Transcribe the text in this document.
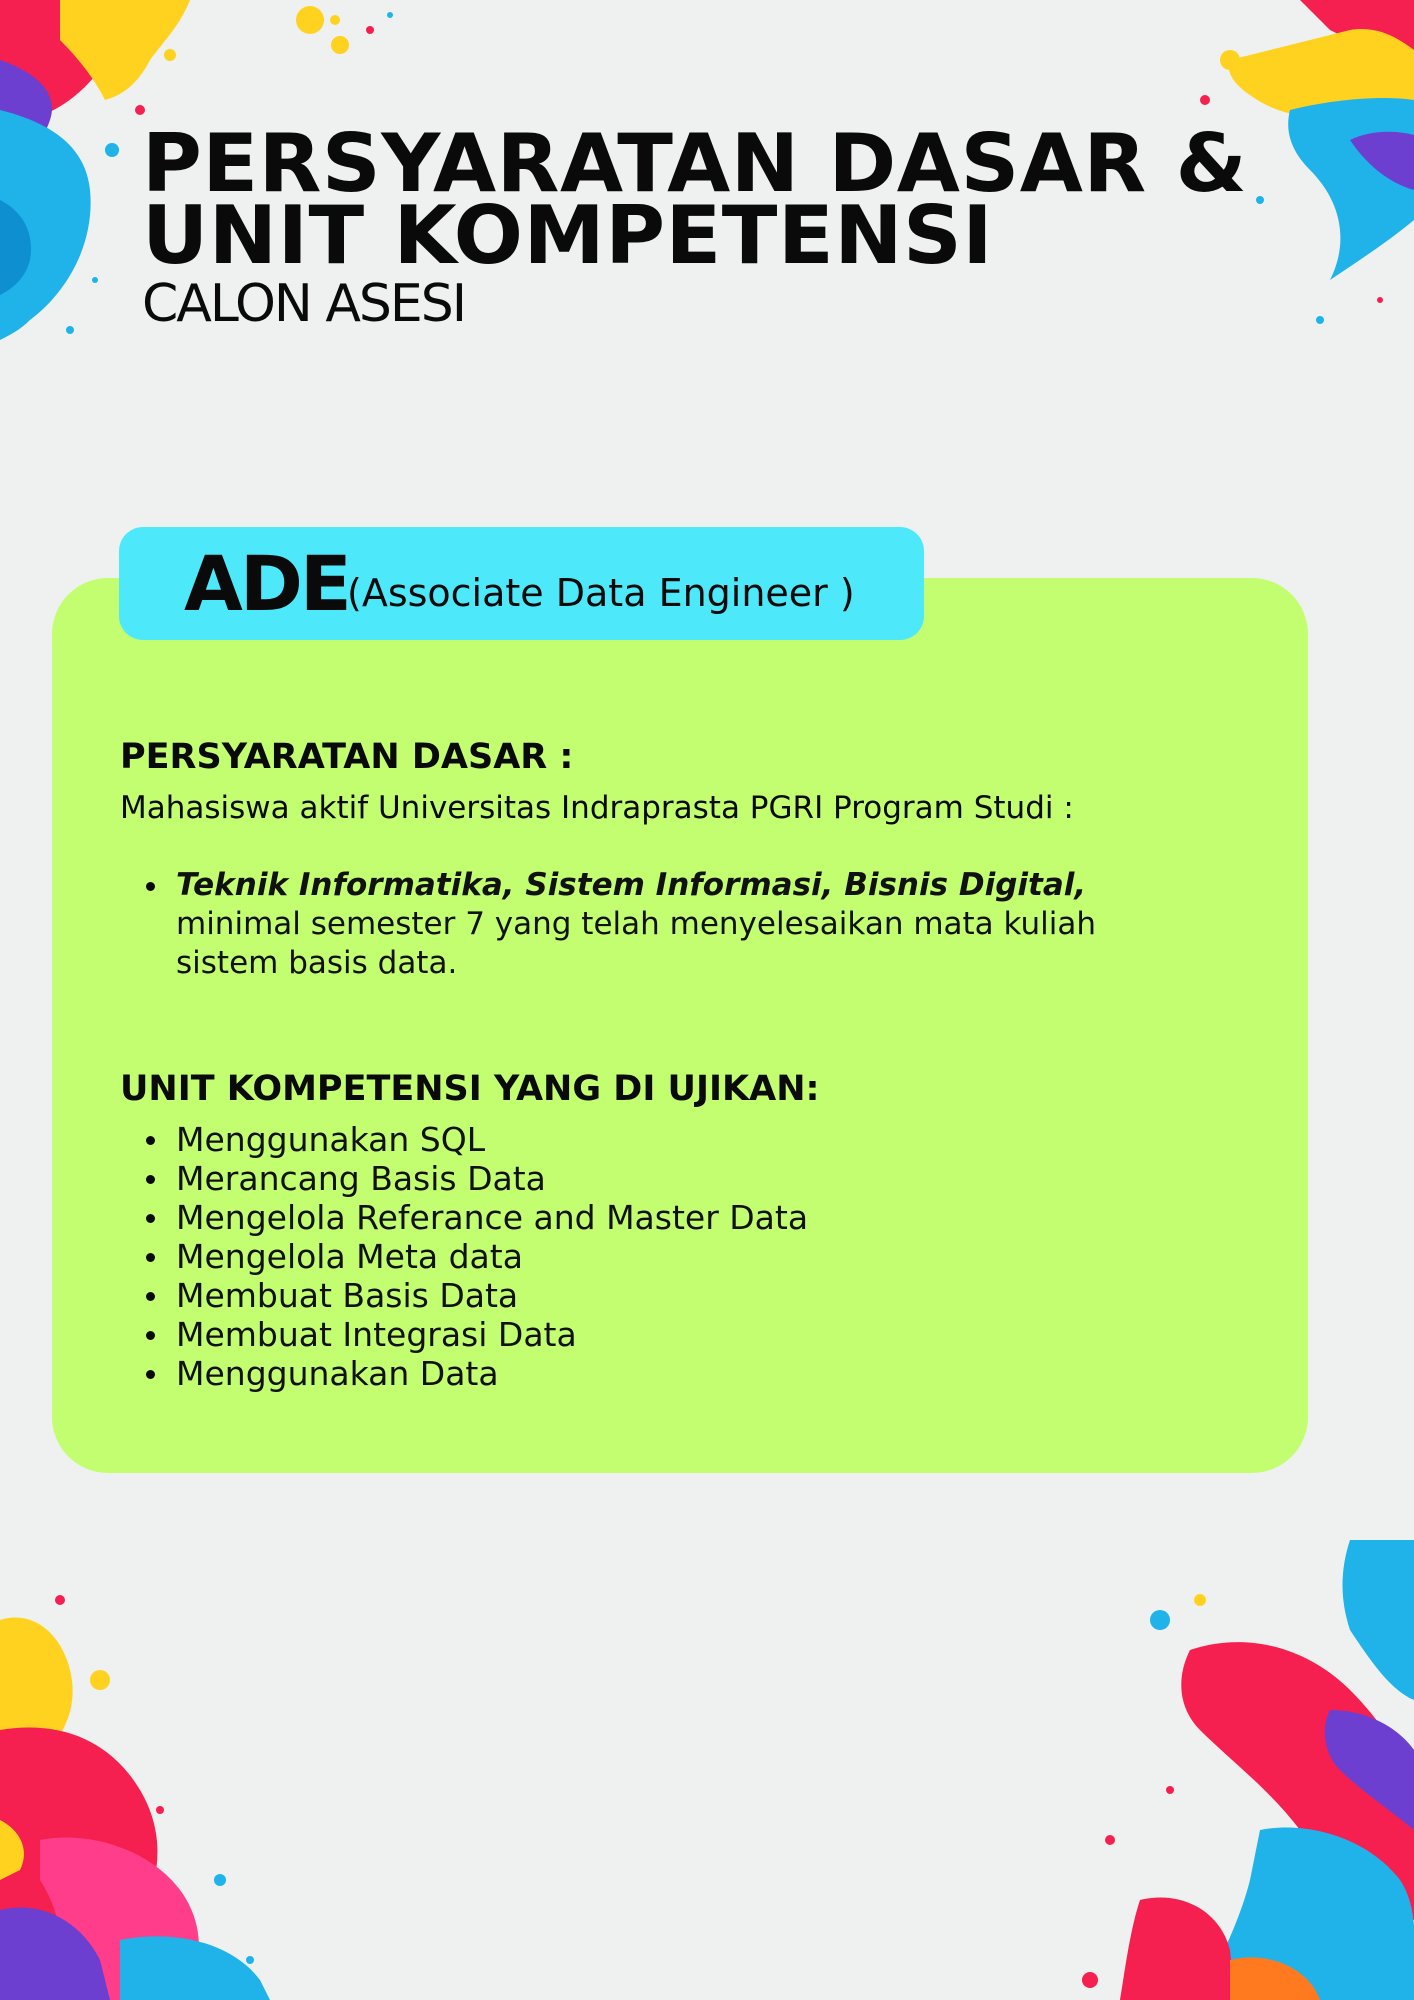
PERSYARATAN DASAR &
UNIT KOMPETENSI
CALON ASESI
ADE
(Associate Data Engineer )
PERSYARATAN DASAR :
Mahasiswa aktif Universitas Indraprasta PGRI Program Studi :
Teknik Informatika, Sistem Informasi, Bisnis Digital,
minimal semester 7 yang telah menyelesaikan mata kuliah
sistem basis data.
UNIT KOMPETENSI YANG DI UJIKAN:
Menggunakan SQL
Merancang Basis Data
Mengelola Referance and Master Data
Mengelola Meta data
Membuat Basis Data
Membuat Integrasi Data
Menggunakan Data
